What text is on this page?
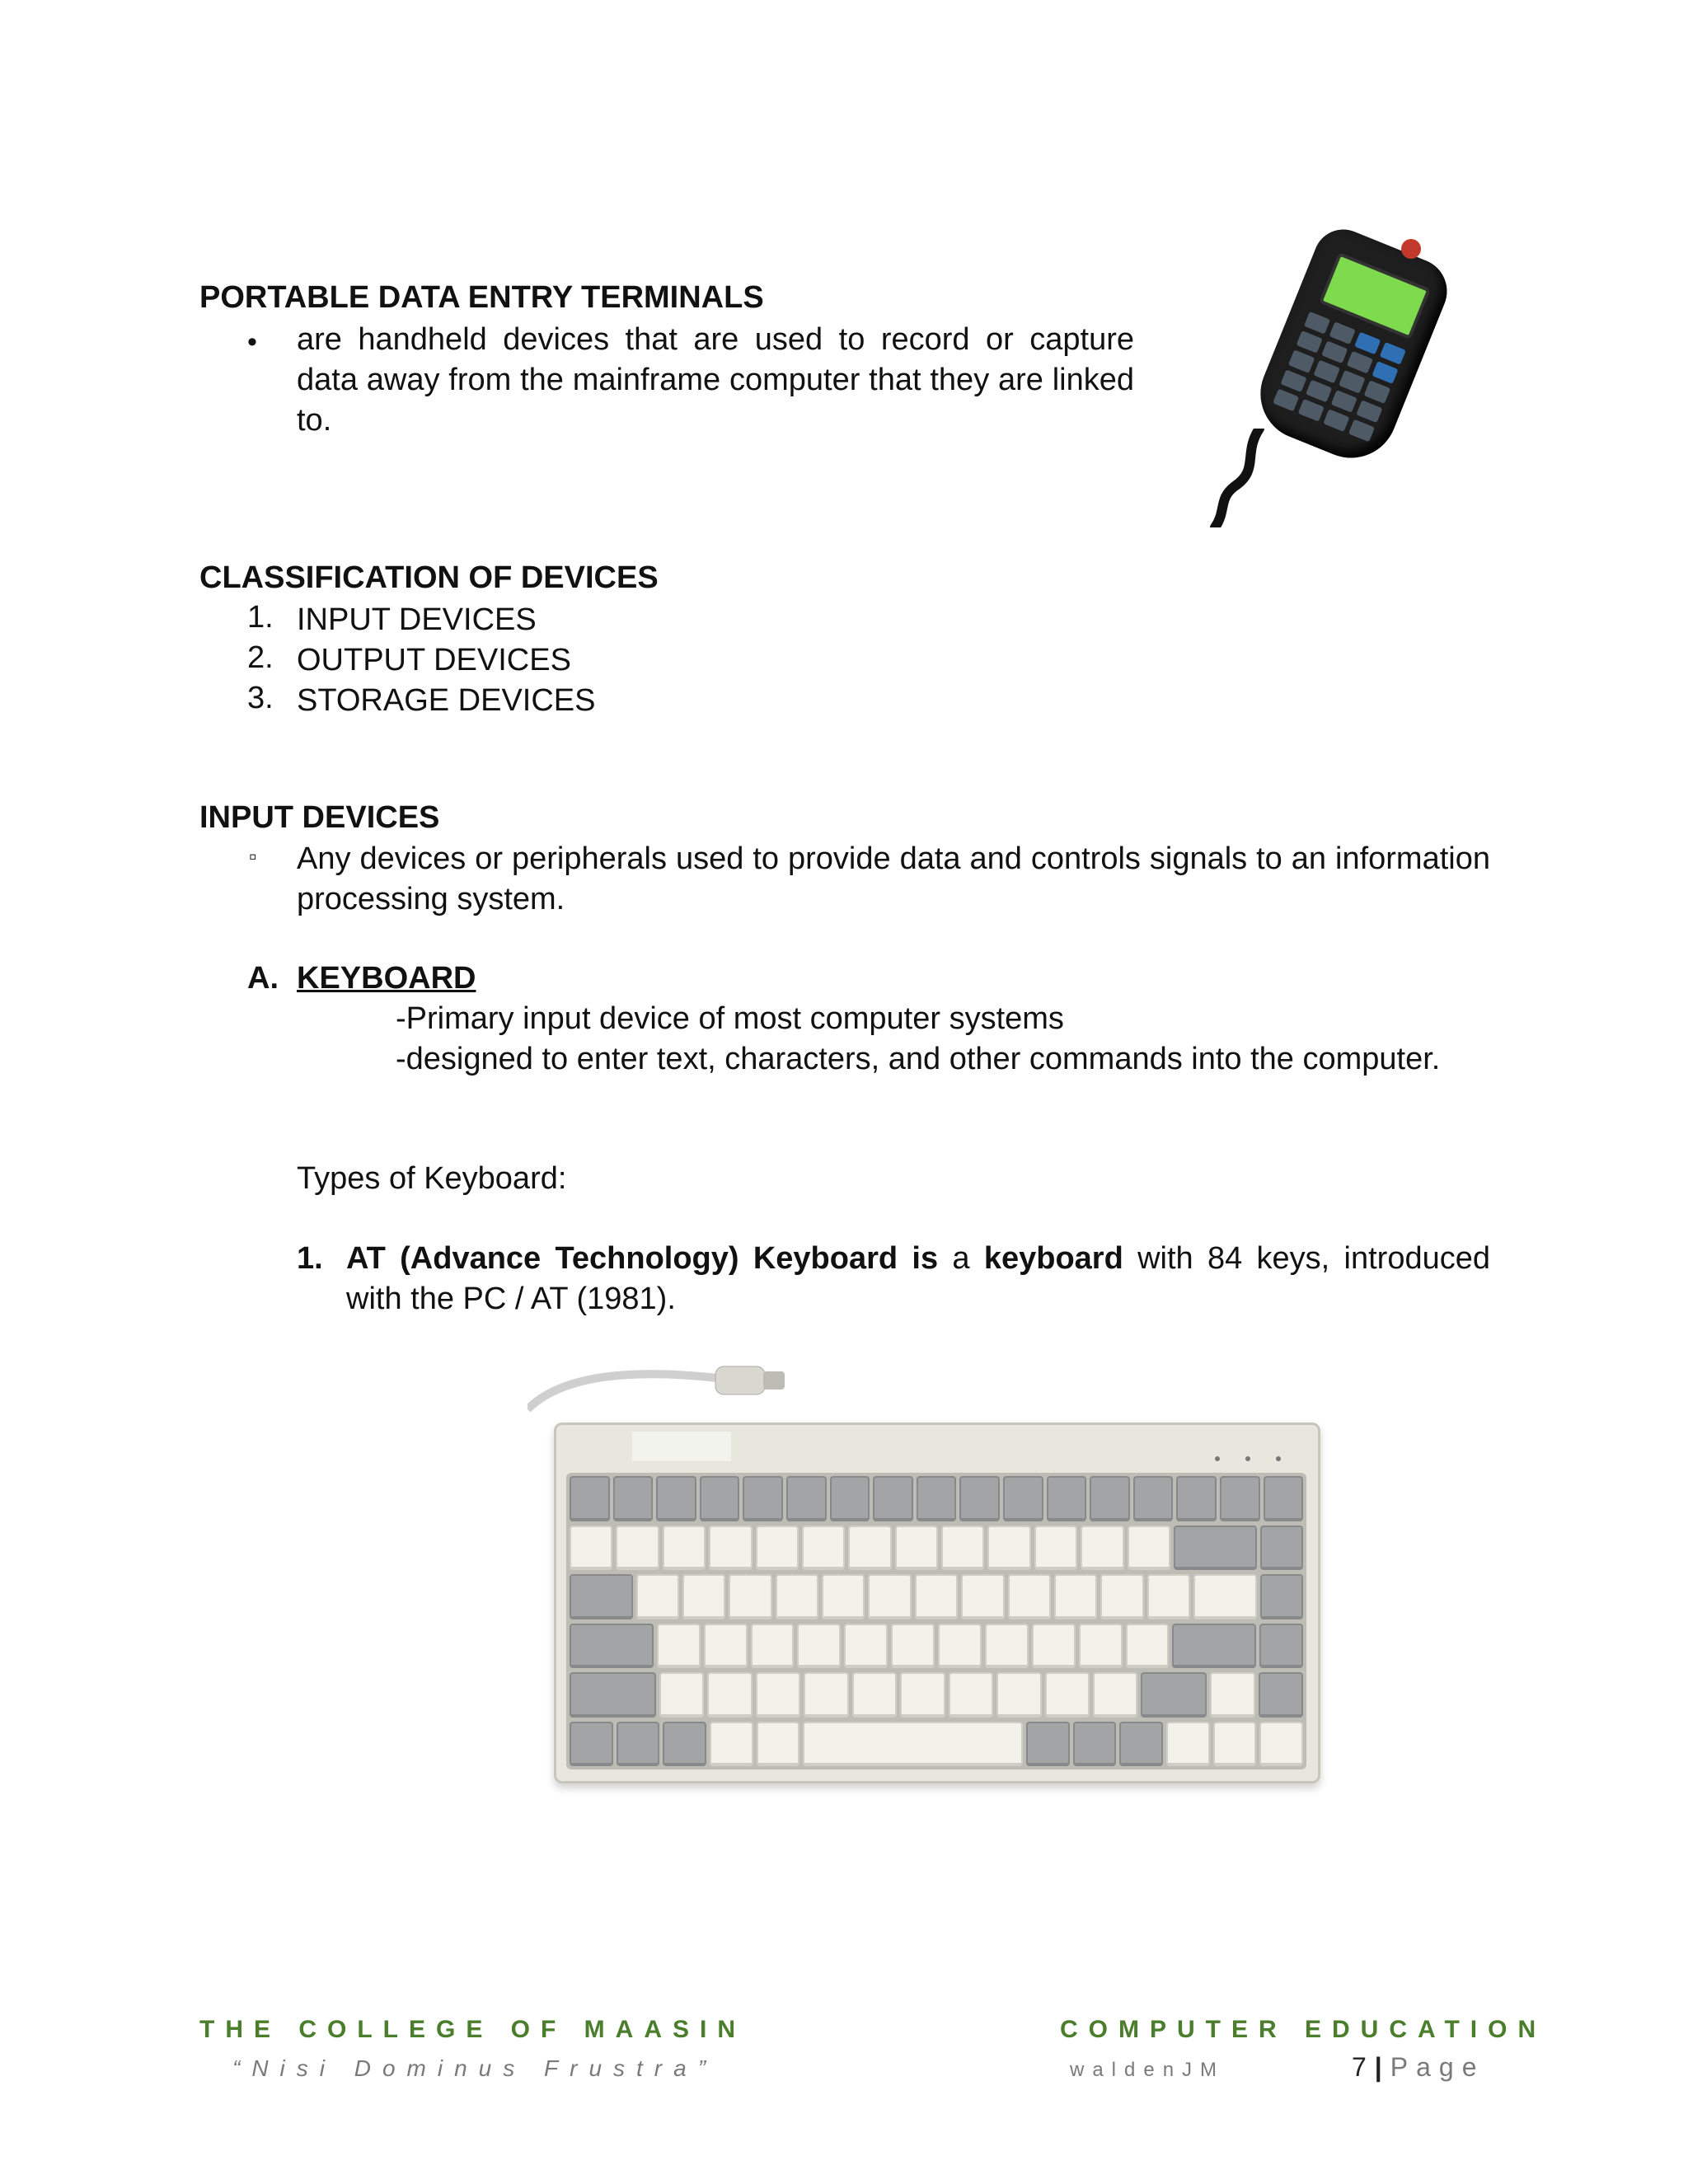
PORTABLE DATA ENTRY TERMINALS
• are handheld devices that are used to record or capture data away from the mainframe computer that they are linked to.
CLASSIFICATION OF DEVICES
1. INPUT DEVICES
2. OUTPUT DEVICES
3. STORAGE DEVICES
INPUT DEVICES
▫ Any devices or peripherals used to provide data and controls signals to an information processing system.
A. KEYBOARD
-Primary input device of most computer systems
-designed to enter text, characters, and other commands into the computer.
Types of Keyboard:
1. AT (Advance Technology) Keyboard is a keyboard with 84 keys, introduced with the PC / AT (1981).
THE COLLEGE OF MAASIN
“Nisi Dominus Frustra”
COMPUTER EDUCATION
waldenJM	7 | Page
